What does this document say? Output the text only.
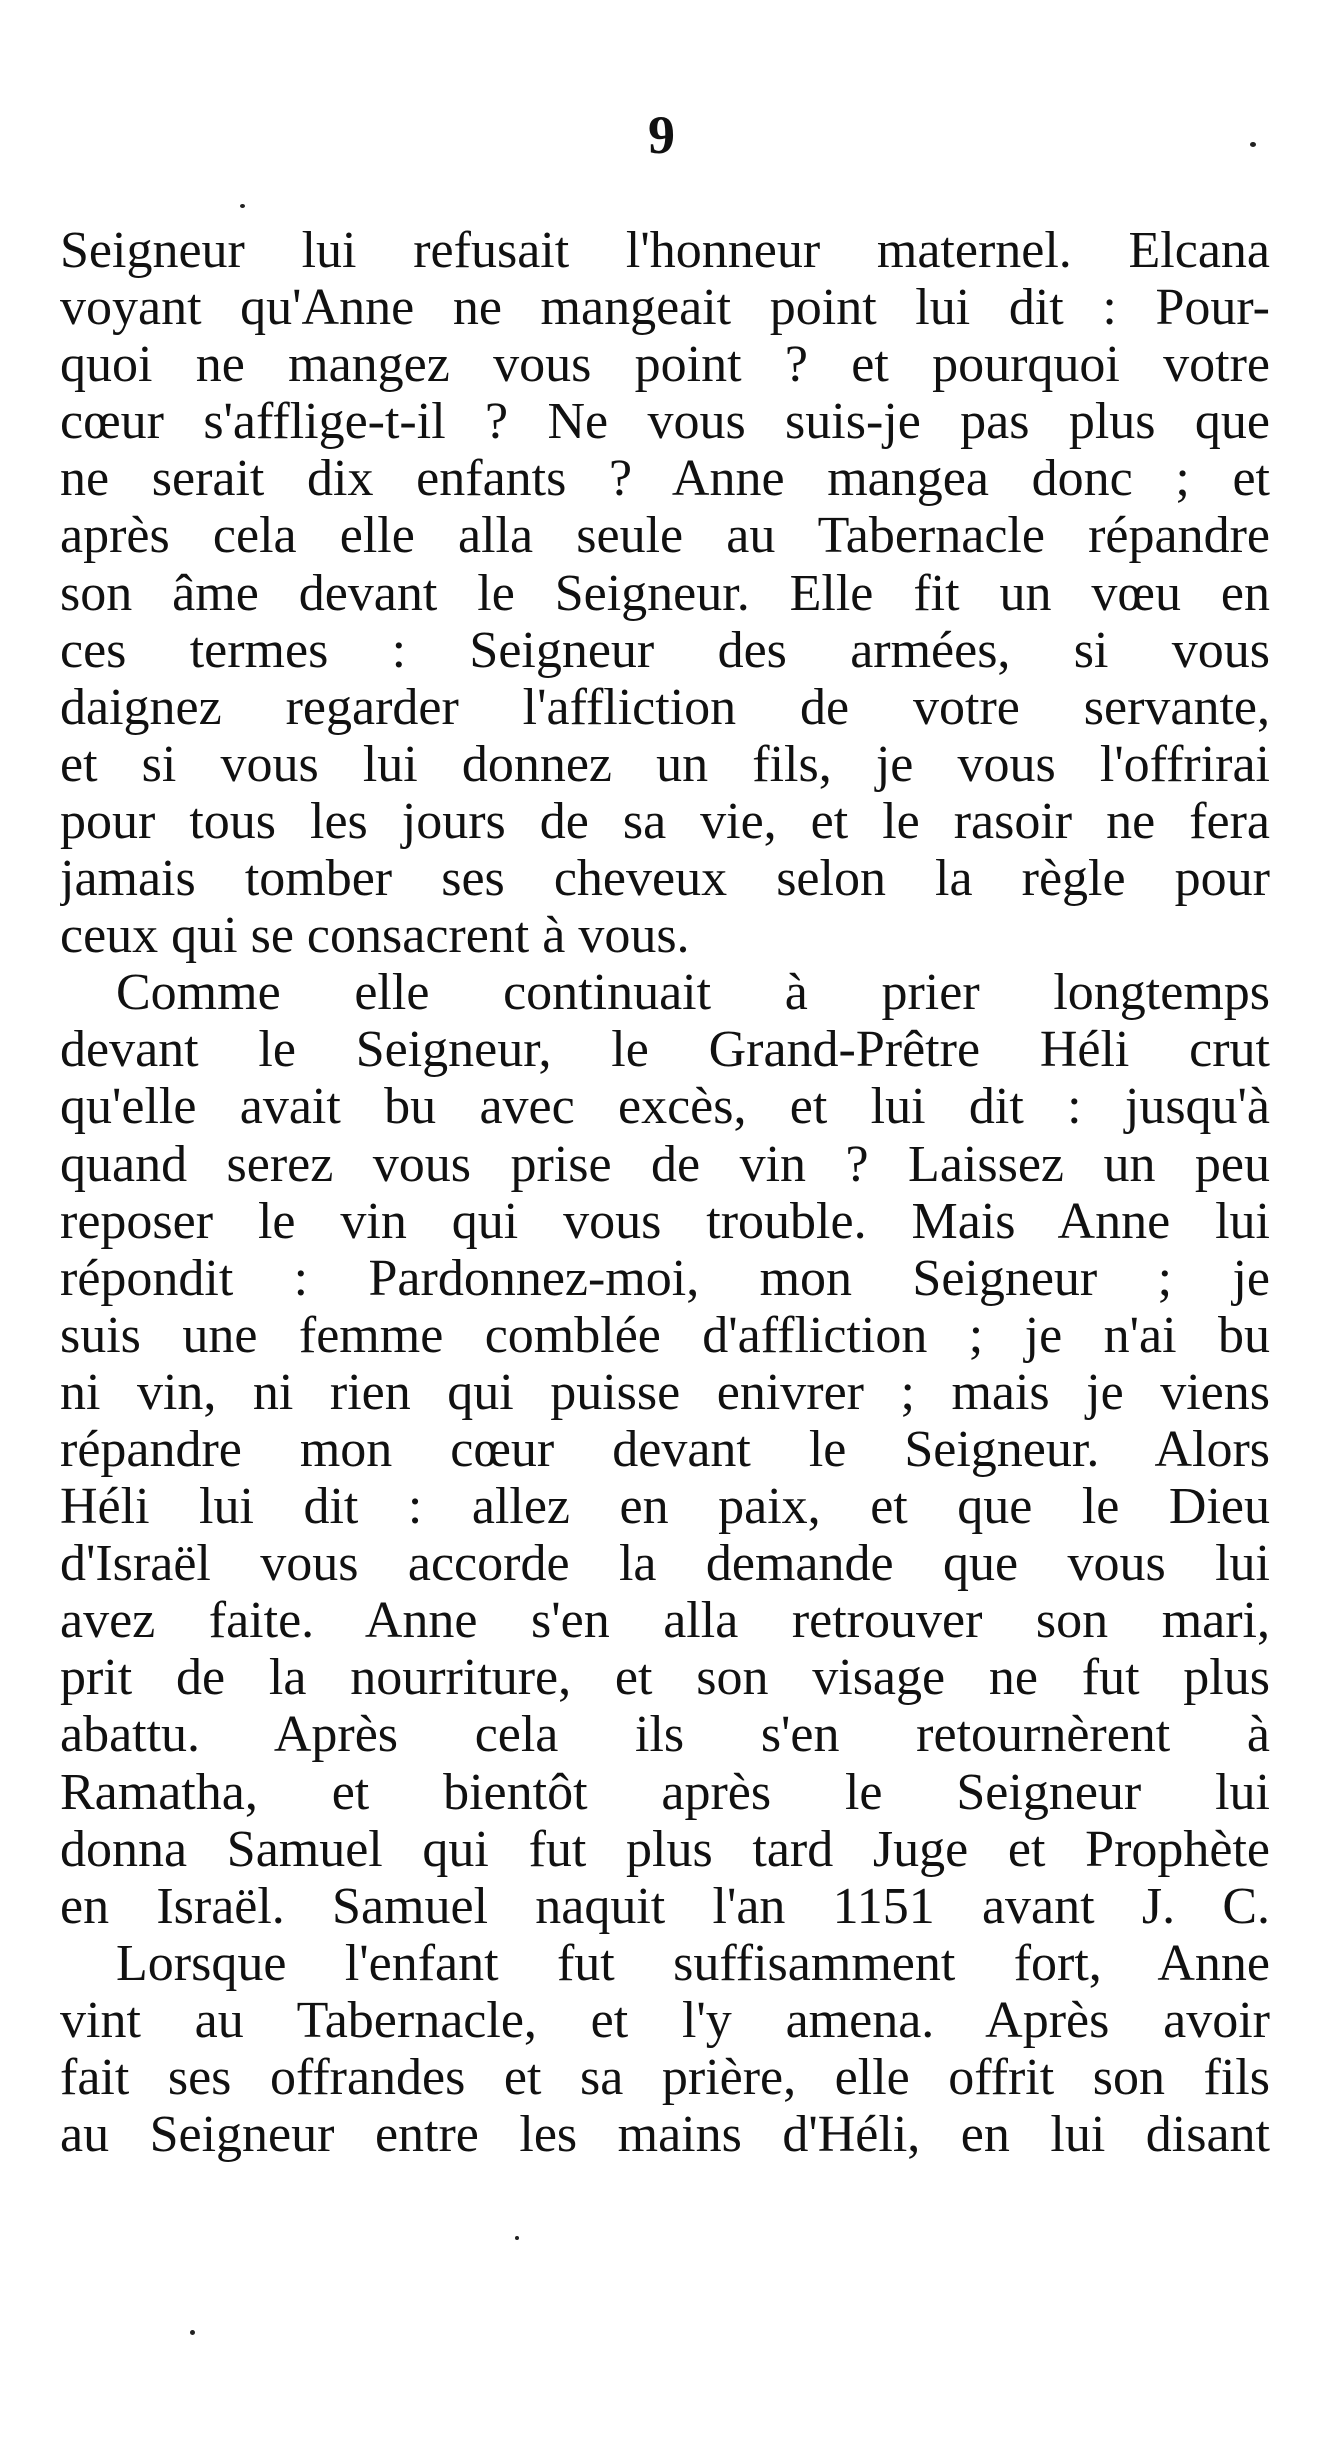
9
Seigneur lui refusait l'honneur maternel. Elcana
voyant qu'Anne ne mangeait point lui dit : Pour-
quoi ne mangez vous point ? et pourquoi votre
cœur s'afflige-t-il ? Ne vous suis-je pas plus que
ne serait dix enfants ? Anne mangea donc ; et
après cela elle alla seule au Tabernacle répandre
son âme devant le Seigneur. Elle fit un vœu en
ces termes : Seigneur des armées, si vous
daignez regarder l'affliction de votre servante,
et si vous lui donnez un fils, je vous l'offrirai
pour tous les jours de sa vie, et le rasoir ne fera
jamais tomber ses cheveux selon la règle pour
ceux qui se consacrent à vous.
Comme elle continuait à prier longtemps
devant le Seigneur, le Grand-Prêtre Héli crut
qu'elle avait bu avec excès, et lui dit : jusqu'à
quand serez vous prise de vin ? Laissez un peu
reposer le vin qui vous trouble. Mais Anne lui
répondit : Pardonnez-moi, mon Seigneur ; je
suis une femme comblée d'affliction ; je n'ai bu
ni vin, ni rien qui puisse enivrer ; mais je viens
répandre mon cœur devant le Seigneur. Alors
Héli lui dit : allez en paix, et que le Dieu
d'Israël vous accorde la demande que vous lui
avez faite. Anne s'en alla retrouver son mari,
prit de la nourriture, et son visage ne fut plus
abattu. Après cela ils s'en retournèrent à
Ramatha, et bientôt après le Seigneur lui
donna Samuel qui fut plus tard Juge et Prophète
en Israël. Samuel naquit l'an 1151 avant J. C.
Lorsque l'enfant fut suffisamment fort, Anne
vint au Tabernacle, et l'y amena. Après avoir
fait ses offrandes et sa prière, elle offrit son fils
au Seigneur entre les mains d'Héli, en lui disant
